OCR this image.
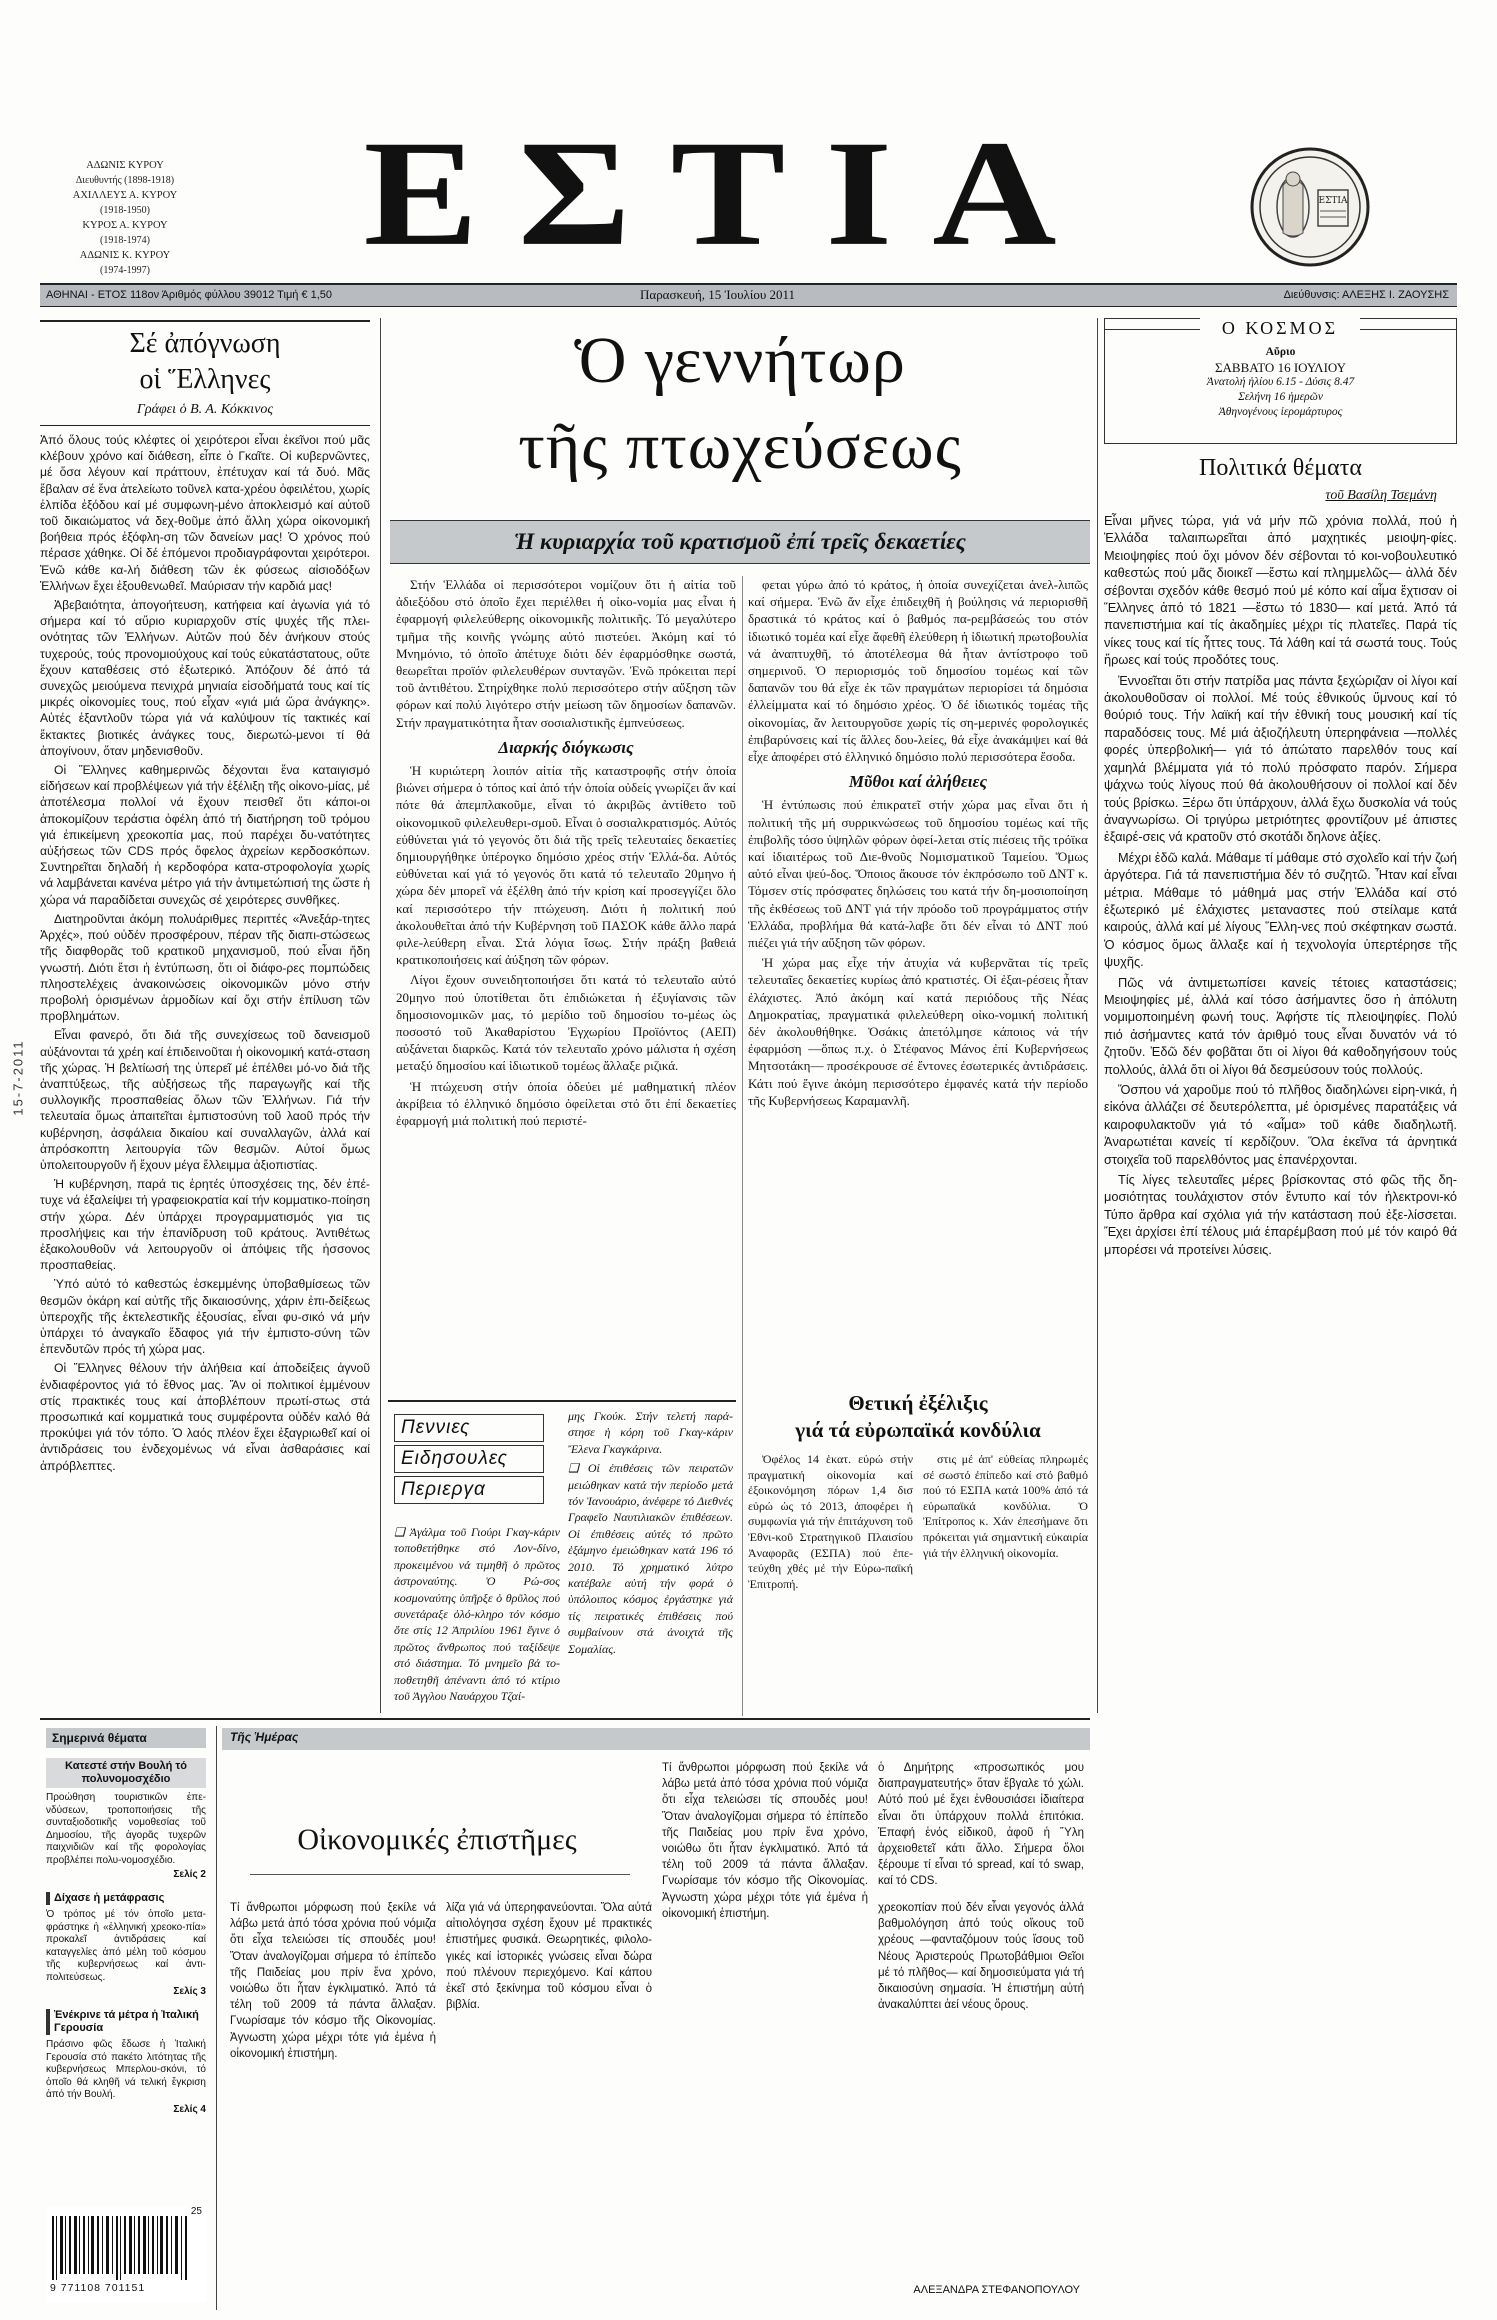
ΑΔΩΝΙΣ ΚΥΡΟΥ
Διευθυντής (1898-1918)
ΑΧΙΛΛΕΥΣ Α. ΚΥΡΟΥ
(1918-1950)
ΚΥΡΟΣ Α. ΚΥΡΟΥ
(1918-1974)
ΑΔΩΝΙΣ Κ. ΚΥΡΟΥ
(1974-1997)	ΕΣΤΙΑ	ΕΣΤΙΑ
ΑΘΗΝΑΙ - ΕΤΟΣ 118ον Άριθμός φύλλου 39012 Τιμή € 1,50	Παρασκευή, 15 Ἰουλίου 2011	Διεύθυνσις: ΑΛΕΞΗΣ Ι. ΖΑΟΥΣΗΣ
Σέ ἀπόγνωση
οἱ Ἕλληνες
Γράφει ὁ Β. Α. Κόκκινος

Ἀπό ὅλους τούς κλέφτες οἱ χειρότεροι εἶναι ἐκεῖνοι πού μᾶς κλέβουν χρόνο καί διάθεση, εἶπε ὁ Γκαῖτε. Οἱ κυβερνῶντες, μέ ὅσα λέγουν καί πράττουν, ἐπέτυχαν καί τά δυό. Μᾶς ἔβαλαν σέ ἕνα ἀτελείωτο τοῦνελ κατα-χρέου ὀφειλέτου, χωρίς ἐλπίδα ἐξόδου καί μέ συμφωνη-μένο ἀποκλεισμό καί αὐτοῦ τοῦ δικαιώματος νά δεχ-θοῦμε ἀπό ἄλλη χώρα οἰκονομική βοήθεια πρός ἐξόφλη-ση τῶν δανείων μας! Ὁ χρόνος πού πέρασε χάθηκε. Οἱ δέ ἑπόμενοι προδιαγράφονται χειρότεροι. Ἐνῶ κάθε κα-λή διάθεση τῶν ἐκ φύσεως αἰσιοδόξων Ἑλλήνων ἔχει ἐξουθενωθεῖ. Μαύρισαν τήν καρδιά μας!

Ἀβεβαιότητα, ἀπογοήτευση, κατήφεια καί ἀγωνία γιά τό σήμερα καί τό αὔριο κυριαρχοῦν στίς ψυχές τῆς πλει-ονότητας τῶν Ἑλλήνων. Αὐτῶν πού δέν ἀνήκουν στούς τυχερούς, τούς προνομιούχους καί τούς εὐκατάστατους, οὔτε ἔχουν καταθέσεις στό ἐξωτερικό. Ἀπόζουν δέ ἀπό τά συνεχῶς μειούμενα πενιχρά μηνιαία εἰσοδήματά τους καί τίς μικρές οἰκονομίες τους, πού εἶχαν «γιά μιά ὥρα ἀνάγκης». Αὐτές ἐξαντλοῦν τώρα γιά νά καλύψουν τίς τακτικές καί ἔκτακτες βιοτικές ἀνάγκες τους, διερωτώ-μενοι τί θά ἀπογίνουν, ὅταν μηδενισθοῦν.

Οἱ Ἕλληνες καθημερινῶς δέχονται ἕνα καταιγισμό εἰδήσεων καί προβλέψεων γιά τήν ἐξέλιξη τῆς οἰκονο-μίας, μέ ἀποτέλεσμα πολλοί νά ἔχουν πεισθεῖ ὅτι κάποι-οι ἀποκομίζουν τεράστια ὀφέλη ἀπό τή διατήρηση τοῦ τρόμου γιά ἐπικείμενη χρεοκοπία μας, πού παρέχει δυ-νατότητες αὐξήσεως τῶν CDS πρός ὄφελος ἀχρείων κερδοσκόπων. Συντηρεῖται δηλαδή ἡ κερδοφόρα κατα-στροφολογία χωρίς νά λαμβάνεται κανένα μέτρο γιά τήν ἀντιμετώπισή της ὥστε ἡ χώρα νά παραδίδεται συνεχῶς σέ χειρότερες συνθῆκες.

Διατηροῦνται ἀκόμη πολυάριθμες περιττές «Ἀνεξάρ-τητες Ἀρχές», πού οὐδέν προσφέρουν, πέραν τῆς διαπι-στώσεως τῆς διαφθορᾶς τοῦ κρατικοῦ μηχανισμοῦ, πού εἶναι ἤδη γνωστή. Διότι ἔτσι ἡ ἐντύπωση, ὅτι οἱ διάφο-ρες πομπώδεις πληοστελέχεις ἀνακοινώσεις οἰκονομικῶν μόνο στήν προβολή ὁρισμένων ἁρμοδίων καί ὄχι στήν ἐπίλυση τῶν προβλημάτων.

Εἶναι φανερό, ὅτι διά τῆς συνεχίσεως τοῦ δανεισμοῦ αὐξάνονται τά χρέη καί ἐπιδεινοῦται ἡ οἰκονομική κατά-σταση τῆς χώρας. Ἡ βελτίωσή της ὑπερεῖ μέ ἐπέλθει μό-νο διά τῆς ἀναπτύξεως, τῆς αὐξήσεως τῆς παραγωγῆς καί τῆς συλλογικῆς προσπαθείας ὅλων τῶν Ἑλλήνων. Γιά τήν τελευταία ὅμως ἀπαιτεῖται ἐμπιστοσύνη τοῦ λαοῦ πρός τήν κυβέρνηση, ἀσφάλεια δικαίου καί συναλλαγῶν, ἀλλά καί ἀπρόσκοπτη λειτουργία τῶν θεσμῶν. Αὐτοί ὅμως ὑπολειτουργοῦν ἤ ἔχουν μέγα ἔλλειμμα ἀξιοπιστίας.

Ἡ κυβέρνηση, παρά τις ἐρητές ὑποσχέσεις της, δέν ἐπέ-τυχε νά ἐξαλείψει τή γραφειοκρατία καί τήν κομματικο-ποίηση στήν χώρα. Δέν ὑπάρχει προγραμματισμός για τις προσλήψεις και τήν ἐπανίδρυση τοῦ κράτους. Ἀντιθέτως ἐξακολουθοῦν νά λειτουργοῦν οἱ ἀπόψεις τῆς ἡσσονος προσπαθείας.

Ὑπό αὐτό τό καθεστώς ἐσκεμμένης ὑποβαθμίσεως τῶν θεσμῶν ὀκάρη καί αὐτῆς τῆς δικαιοσύνης, χάριν ἐπι-δείξεως ὑπεροχῆς τῆς ἐκτελεστικῆς ἐξουσίας, εἶναι φυ-σικό νά μήν ὑπάρχει τό ἀναγκαῖο ἔδαφος γιά τήν ἐμπιστο-σύνη τῶν ἐπενδυτῶν πρός τή χώρα μας.

Οἱ Ἕλληνες θέλουν τήν ἀλήθεια καί ἀποδείξεις ἀγνοῦ ἐνδιαφέροντος γιά τό ἔθνος μας. Ἄν οἱ πολιτικοί ἐμμένουν στίς πρακτικές τους καί ἀποβλέπουν πρωτί-στως στά προσωπικά καί κομματικά τους συμφέροντα οὐδέν καλό θά προκύψει γιά τόν τόπο. Ὁ λαός πλέον ἔχει ἐξαγριωθεῖ καί οἱ ἀντιδράσεις του ἐνδεχομένως νά εἶναι ἀσθαράσιες καί ἀπρόβλεπτες.

15-7-2011
Ὁ γεννήτωρ
τῆς πτωχεύσεως
Ἡ κυριαρχία τοῦ κρατισμοῦ ἐπί τρεῖς δεκαετίες

Στήν Ἑλλάδα οἱ περισσότεροι νομίζουν ὅτι ἡ αἰτία τοῦ ἀδιεξόδου στό ὁποῖο ἔχει περιέλθει ἡ οἰκο-νομία μας εἶναι ἡ ἐφαρμογή φιλελεύθερης οἰκονομικῆς πολιτικῆς. Τό μεγαλύτερο τμῆμα τῆς κοινῆς γνώμης αὐτό πιστεύει. Ἀκόμη καί τό Μνημόνιο, τό ὁποῖο ἀπέτυχε διότι δέν ἐφαρμόσθηκε σωστά, θεωρεῖται προϊόν φιλελευθέρων συνταγῶν. Ἐνῶ πρόκειται περί τοῦ ἀντιθέτου. Στηρίχθηκε πολύ περισσότερο στήν αὔξηση τῶν φόρων καί πολύ λιγότερο στήν μείωση τῶν δημοσίων δαπανῶν. Στήν πραγματικότητα ἦταν σοσιαλιστικῆς ἐμπνεύσεως.

Διαρκής διόγκωσις

Ἡ κυριώτερη λοιπόν αἰτία τῆς καταστροφῆς στήν ὁποία βιώνει σήμερα ὁ τόπος καί ἀπό τήν ὁποία οὐδείς γνωρίζει ἄν καί πότε θά ἀπεμπλακοῦμε, εἶναι τό ἀκριβῶς ἀντίθετο τοῦ οἰκονομικοῦ φιλελευθερι-σμοῦ. Εἶναι ὁ σοσιαλκρατισμός. Αὐτός εὐθύνεται γιά τό γεγονός ὅτι διά τῆς τρεῖς τελευταίες δεκαετίες δημιουργήθηκε ὑπέρογκο δημόσιο χρέος στήν Ἑλλά-δα. Αὐτός εὐθύνεται καί γιά τό γεγονός ὅτι κατά τό τελευταῖο 20μηνο ἡ χώρα δέν μπορεῖ νά ἐξέλθη ἀπό τήν κρίση καί προσεγγίζει ὅλο καί περισσότερο τήν πτώχευση. Διότι ἡ πολιτική πού ἀκολουθεῖται ἀπό τήν Κυβέρνηση τοῦ ΠΑΣΟΚ κάθε ἄλλο παρά φιλε-λεύθερη εἶναι. Στά λόγια ἴσως. Στήν πράξη βαθειά κρατικοποιήσεις καί ἀύξηση τῶν φόρων.

Λίγοι ἔχουν συνειδητοποιήσει ὅτι κατά τό τελευταῖο αὐτό 20μηνο πού ὑποτίθεται ὅτι ἐπιδιώκεται ἡ ἐξυγίανσις τῶν δημοσιονομικῶν μας, τό μερίδιο τοῦ δημοσίου το-μέως ὡς ποσοστό τοῦ Ἀκαθαρίστου Ἐγχωρίου Προϊόντος (ΑΕΠ) αὐξάνεται διαρκῶς. Κατά τόν τελευταῖο χρόνο μάλιστα ἡ σχέση μεταξύ δημοσίου καί ἰδιωτικοῦ τομέως ἄλλαξε ριζικά.

Ἡ πτώχευση στήν ὁποία ὁδεύει μέ μαθηματική πλέον ἀκρίβεια τό ἑλληνικό δημόσιο ὀφείλεται στό ὅτι ἐπί δεκαετίες ἐφαρμογή μιά πολιτική πού περιστέ-

φεται γύρω ἀπό τό κράτος, ἡ ὁποία συνεχίζεται ἀνελ-λιπῶς καί σήμερα. Ἐνῶ ἄν εἶχε ἐπιδειχθῆ ἡ βούλησις νά περιορισθῆ δραστικά τό κράτος καί ὁ βαθμός πα-ρεμβάσεώς του στόν ἰδιωτικό τομέα καί εἶχε ἄφεθῆ ἐλεύθερη ἡ ἰδιωτική πρωτοβουλία νά ἀναπτυχθῆ, τό ἀποτέλεσμα θά ἦταν ἀντίστροφο τοῦ σημερινοῦ. Ὁ περιορισμός τοῦ δημοσίου τομέως καί τῶν δαπανῶν του θά εἶχε ἐκ τῶν πραγμάτων περιορίσει τά δημόσια ἐλλείμματα καί τό δημόσιο χρέος. Ὁ δέ ἰδιωτικός τομέας τῆς οἰκονομίας, ἄν λειτουργοῦσε χωρίς τίς ση-μερινές φορολογικές ἐπιβαρύνσεις καί τίς ἄλλες δου-λείες, θά εἶχε ἀνακάμψει καί θά εἶχε ἀποφέρει στό ἑλληνικό δημόσιο πολύ περισσότερα ἔσοδα.

Μῦθοι καί ἀλήθειες

Ἡ ἐντύπωσις πού ἐπικρατεῖ στήν χώρα μας εἶναι ὅτι ἡ πολιτική τῆς μή συρρικνώσεως τοῦ δημοσίου τομέως καί τῆς ἐπιβολῆς τόσο ὑψηλῶν φόρων ὀφεί-λεται στίς πιέσεις τῆς τρόϊκα καί ἰδιαιτέρως τοῦ Διε-θνοῦς Νομισματικοῦ Ταμείου. Ὅμως αὐτό εἶναι ψεύ-δος. Ὅποιος ἄκουσε τόν ἐκπρόσωπο τοῦ ΔΝΤ κ. Τόμσεν στίς πρόσφατες δηλώσεις του κατά τήν δη-μοσιοποίηση τῆς ἐκθέσεως τοῦ ΔΝΤ γιά τήν πρόοδο τοῦ προγράμματος στήν Ἑλλάδα, προβλήμα θά κατά-λαβε ὅτι δέν εἶναι τό ΔΝΤ πού πιέζει γιά τήν αὔξηση τῶν φόρων.

Ἡ χώρα μας εἶχε τήν ἀτυχία νά κυβερνᾶται τίς τρεῖς τελευταῖες δεκαετίες κυρίως ἀπό κρατιστές. Οἱ ἐξαι-ρέσεις ἦταν ἐλάχιστες. Ἀπό ἀκόμη καί κατά περιόδους τῆς Νέας Δημοκρατίας, πραγματικά φιλελεύθερη οἰκο-νομική πολιτική δέν ἀκολουθήθηκε. Ὁσάκις ἀπετόλμησε κάποιος νά τήν ἐφαρμόση —ὅπως π.χ. ὁ Στέφανος Μάνος ἐπί Κυβερνήσεως Μητσοτάκη— προσέκρουσε σέ ἔντονες ἐσωτερικές ἀντιδράσεις. Κάτι πού ἔγινε ἀκόμη περισσότερο ἐμφανές κατά τήν περίοδο τῆς Κυβερνήσεως Καραμανλῆ.

Θετική ἐξέλιξις
γιά τά εὐρωπαϊκά κονδύλια

Ὀφέλος 14 ἑκατ. εὐρώ στήν πραγματική οἰκονομία καί ἐξοικονόμηση πόρων 1,4 δισ εὐρώ ὡς τό 2013, ἀποφέρει ἡ συμφωνία γιά τήν ἐπιτάχυνση τοῦ Ἐθνι-κοῦ Στρατηγικοῦ Πλαισίου Ἀναφορᾶς (ΕΣΠΑ) πού ἐπε-τεύχθη χθές μέ τήν Εὐρω-παϊκή Ἐπιτροπή.

στις μέ ἀπ' εὐθείας πληρωμές σέ σωστό ἐπίπεδο καί στό βαθμό πού τό ΕΣΠΑ κατά 100% ἀπό τά εὐρωπαϊκά κονδύλια. Ὁ Ἐπίτροπος κ. Χάν ἐπεσήμανε ὅτι πρόκειται γιά σημαντική εὐκαιρία γιά τήν ἑλληνική οἰκονομία.

Πεννιες
Ειδησουλες
Περιεργα

❑ Ἀγάλμα τοῦ Γιούρι Γκαγ-κάριν τοποθετήθηκε στό Λον-δίνο, προκειμένου νά τιμηθῆ ὁ πρῶτος ἀστροναύτης. Ὁ Ρώ-σος κοσμοναύτης ὑπῆρξε ὁ θρῦλος πού συνετάραξε ὁλό-κληρο τόν κόσμο ὅτε στίς 12 Ἀπριλίου 1961 ἔγινε ὁ πρῶτος ἄνθρωπος πού ταξίδεψε στό διάστημα. Τό μνημεῖο βά το-ποθετηθῆ ἀπέναντι ἀπό τό κτίριο τοῦ Ἀγγλου Ναυάρχου Τζαί-

μης Γκούκ. Στήν τελετή παρά-στησε ἡ κόρη τοῦ Γκαγ-κάριν Ἔλενα Γκαγκάρινα.

❑ Οἱ ἐπιθέσεις τῶν πειρατῶν μειώθηκαν κατά τήν περίοδο μετά τόν Ἰανουάριο, ἀνέφερε τό Διεθνές Γραφεῖο Ναυτιλιακῶν ἐπιθέσεων. Οἱ ἐπιθέσεις αὐτές τό πρῶτο ἑξάμηνο ἐμειώθηκαν κατά 196 τό 2010. Τό χρηματικό λύτρο κατέβαλε αὐτή τήν φορά ὁ ὑπόλοιπος κόσμος ἐργάστηκε γιά τίς πειρατικές ἐπιθέσεις πού συμβαίνουν στά ἀνοιχτά τῆς Σομαλίας.

Ο ΚΟΣΜΟΣ
Αὔριο
ΣΑΒΒΑΤΟ 16 ΙΟΥΛΙΟΥ
Ἀνατολή ἡλίου 6.15 - Δύσις 8.47
Σελήνη 16 ἡμερῶν
Ἀθηνογένους ἱερομάρτυρος
Πολιτικά θέματα
τοῦ Βασίλη Τσεμάνη

Εἶναι μῆνες τώρα, γιά νά μήν πῶ χρόνια πολλά, πού ἡ Ἑλλάδα ταλαιπωρεῖται ἀπό μαχητικές μειοψη-φίες. Μειοψηφίες πού ὄχι μόνον δέν σέβονται τό κοι-νοβουλευτικό καθεστώς πού μᾶς διοικεῖ —ἔστω καί πλημμελῶς— ἀλλά δέν σέβονται σχεδόν κάθε θεσμό πού μέ κόπο καί αἷμα ἔχτισαν οἱ Ἕλληνες ἀπό τό 1821 —ἔστω τό 1830— καί μετά. Ἀπό τά πανεπιστήμια καί τίς ἀκαδημίες μέχρι τίς πλατεῖες. Παρά τίς νίκες τους καί τίς ἧττες τους. Τά λάθη καί τά σωστά τους. Τούς ἥρωες καί τούς προδότες τους.

Ἐννοεῖται ὅτι στήν πατρίδα μας πάντα ξεχώριζαν οἱ λίγοι καί ἀκολουθοῦσαν οἱ πολλοί. Μέ τούς ἐθνικούς ὕμνους καί τό θούριό τους. Τήν λαϊκή καί τήν ἐθνική τους μουσική καί τίς παραδόσεις τους. Μέ μιά ἀξιοζήλευτη ὑπερηφάνεια —πολλές φορές ὑπερβολική— γιά τό ἀπώτατο παρελθόν τους καί χαμηλά βλέμματα γιά τό πολύ πρόσφατο παρόν. Σήμερα ψάχνω τούς λίγους πού θά ἀκολουθήσουν οἱ πολλοί καί δέν τούς βρίσκω. Ξέρω ὅτι ὑπάρχουν, ἀλλά ἔχω δυσκολία νά τούς ἀναγνωρίσω. Οἱ τριγύρω μετριότητες φροντίζουν μέ ἀπιστες ἐξαιρέ-σεις νά κρατοῦν στό σκοτάδι δηλονε ἀξίες.

Μέχρι ἐδῶ καλά. Μάθαμε τί μάθαμε στό σχολεῖο καί τήν ζωή ἀργότερα. Γιά τά πανεπιστήμια δέν τό συζητῶ. Ἦταν καί εἶναι μέτρια. Μάθαμε τό μάθημά μας στήν Ἑλλάδα καί στό ἐξωτερικό μέ ἐλάχιστες μεταναστες πού στείλαμε κατά καιρούς, ἀλλά καί μέ λίγους Ἕλλη-νες πού σκέφτηκαν σωστά. Ὁ κόσμος ὅμως ἄλλαξε καί ἡ τεχνολογία ὑπερτέρησε τῆς ψυχῆς.

Πῶς νά ἀντιμετωπίσει κανείς τέτοιες καταστάσεις; Μειοψηφίες μέ, ἀλλά καί τόσο ἀσήμαντες ὅσο ἡ ἀπόλυτη νομιμοποιημένη φωνή τους. Ἀφήστε τίς πλειοψηφίες. Πολύ πιό ἀσήμαντες κατά τόν ἀριθμό τους εἶναι δυνατόν νά τό ζητοῦν. Ἐδῶ δέν φοβᾶται ὅτι οἱ λίγοι θά καθοδηγήσουν τούς πολλούς, ἀλλά ὅτι οἱ λίγοι θά δεσμεύσουν τούς πολλούς.

Ὅσπου νά χαροῦμε πού τό πλῆθος διαδηλώνει εἰρη-νικά, ἡ εἰκόνα ἀλλάζει σέ δευτερόλεπτα, μέ ὁρισμένες παρατάξεις νά καιροφυλακτοῦν γιά τό «αἷμα» τοῦ κάθε διαδηλωτῆ. Ἀναρωτιέται κανείς τί κερδίζουν. Ὅλα ἐκεῖνα τά ἀρνητικά στοιχεῖα τοῦ παρελθόντος μας ἐπανέρχονται.

Τίς λίγες τελευταῖες μέρες βρίσκοντας στό φῶς τῆς δη-μοσιότητας τουλάχιστον στόν ἔντυπο καί τόν ἠλεκτρονι-κό Τύπο ἄρθρα καί σχόλια γιά τήν κατάσταση πού ἐξε-λίσσεται. Ἔχει ἀρχίσει ἐπί τέλους μιά ἐπαρέμβαση πού μέ τόν καιρό θά μπορέσει νά προτείνει λύσεις.

Σημερινά θέματα
Κατεστέ στήν Βουλή τό πολυνομοσχέδιο
Προώθηση τουριστικῶν ἐπε-νδύσεων, τροποποιήσεις τῆς συνταξιοδοτικῆς νομοθεσίας τοῦ Δημοσίου, τῆς ἀγορᾶς τυχερῶν παιχνιδιῶν καί τῆς φορολογίας προβλέπει πολυ-νομοσχέδιο.
Σελίς 2
Δίχασε ἡ μετάφρασις
Ὁ τρόπος μέ τόν ὁποῖο μετα-φράστηκε ἡ «ἑλληνική χρεοκο-πία» προκαλεῖ ἀντιδράσεις καί καταγγελίες ἀπό μέλη τοῦ κόσμου τῆς κυβερνήσεως καί ἀντι-πολιτεύσεως.
Σελίς 3
Ἐνέκρινε τά μέτρα ἡ Ἰταλική Γερουσία
Πράσινο φῶς ἔδωσε ἡ Ἰταλική Γερουσία στό πακέτο λιτότητας τῆς κυβερνήσεως Μπερλου-σκόνι, τό ὁποῖο θά κληθῆ νά τελική ἔγκριση ἀπό τήν Βουλή.
Σελίς 4
25
9 771108 701151
Τῆς Ἡμέρας
Οἰκονομικές ἐπιστῆμες

Τί ἄνθρωποι μόρφωση πού ξεκίλε νά λάβω μετά ἀπό τόσα χρόνια πού νόμιζα ὅτι εἶχα τελειώσει τίς σπουδές μου! Ὅταν ἀναλογίζομαι σήμερα τό ἐπίπεδο τῆς Παιδείας μου πρίν ἕνα χρόνο, νοιώθω ὅτι ἦταν ἐγκλιματικό. Ἀπό τά τέλη τοῦ 2009 τά πάντα ἄλλαξαν. Γνωρίσαμε τόν κόσμο τῆς Οἰκονομίας. Ἀγνωστη χώρα μέχρι τότε γιά ἐμένα ἡ οἰκονομική ἐπιστήμη.

λίζα γιά νά ὑπερηφανεύονται. Ὅλα αὐτά αἰτιολόγησα σχέση ἔχουν μέ πρακτικές ἐπιστήμες φυσικά. Θεωρητικές, φιλολο-γικές καί ἱστορικές γνώσεις εἶναι δώρα πού πλένουν περιεχόμενο. Καί κάπου ἐκεῖ στό ξεκίνημα τοῦ κόσμου εἶναι ὁ βιβλία.

χρεοκοπίαν πού δέν εἶναι γεγονός ἀλλά βαθμολόγηση ἀπό τούς οἴκους τοῦ χρέους —φανταζόμουν τούς ἴσους τοῦ Νέους Ἀριστερούς Πρωτοβάθμιοι Θεῖοι μέ τό πλῆθος— καί δημοσιεύματα γιά τή δικαιοσύνη σημασία. Ἡ ἐπιστήμη αὐτή ἀνακαλύπτει ἀεί νέους ὅρους.

ὁ Δημήτρης «προσωπικός μου διαπραγματευτής» ὅταν ἔβγαλε τό χώλι. Αὐτό πού μέ ἔχει ἐνθουσιάσει ἰδιαίτερα εἶναι ὅτι ὑπάρχουν πολλά ἐπιτόκια. Ἐπαφή ἑνός εἰδικοῦ, ἀφοῦ ἡ Ὕλη ἀρχειοθετεῖ κάτι ἄλλο. Σήμερα ὅλοι ξέρουμε τί εἶναι τό spread, καί τό swap, καί τό CDS.

Τί ἄνθρωποι μόρφωση πού ξεκίλε νά λάβω μετά ἀπό τόσα χρόνια πού νόμιζα ὅτι εἶχα τελειώσει τίς σπουδές μου! Ὅταν ἀναλογίζομαι σήμερα τό ἐπίπεδο τῆς Παιδείας μου πρίν ἕνα χρόνο, νοιώθω ὅτι ἦταν ἐγκλιματικό. Ἀπό τά τέλη τοῦ 2009 τά πάντα ἄλλαξαν. Γνωρίσαμε τόν κόσμο τῆς Οἰκονομίας. Ἀγνωστη χώρα μέχρι τότε γιά ἐμένα ἡ οἰκονομική ἐπιστήμη.

ΑΛΕΞΑΝΔΡΑ ΣΤΕΦΑΝΟΠΟΥΛΟΥ
